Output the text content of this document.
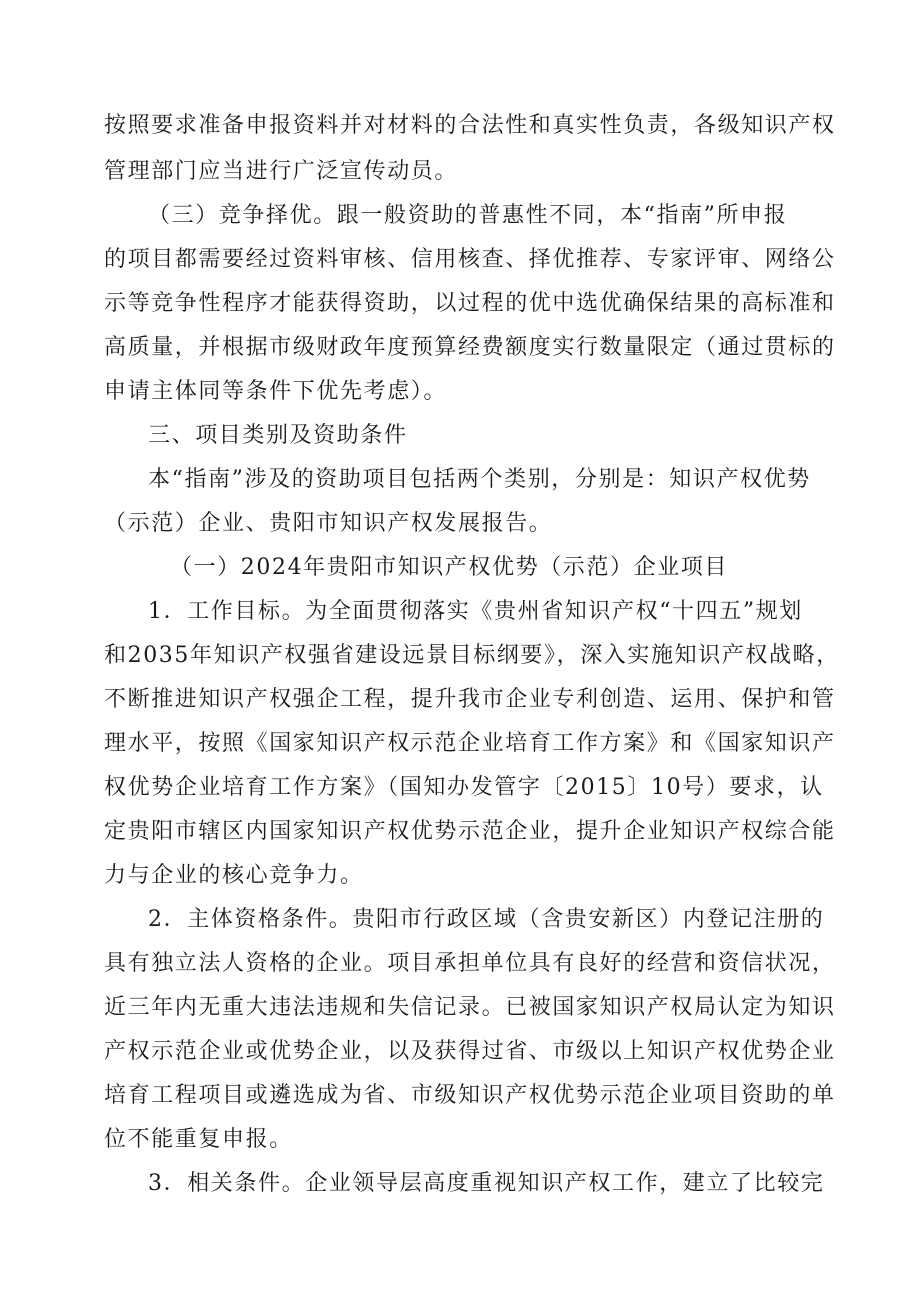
按照要求准备申报资料并对材料的合法性和真实性负责，各级知识产权
管理部门应当进行广泛宣传动员。
（三）竞争择优。跟一般资助的普惠性不同，本“指南”所申报
的项目都需要经过资料审核、信用核查、择优推荐、专家评审、网络公
示等竞争性程序才能获得资助，以过程的优中选优确保结果的高标准和
高质量，并根据市级财政年度预算经费额度实行数量限定（通过贯标的
申请主体同等条件下优先考虑）。
三、项目类别及资助条件
本“指南”涉及的资助项目包括两个类别，分别是：知识产权优势
（示范）企业、贵阳市知识产权发展报告。
（一）2024年贵阳市知识产权优势（示范）企业项目
1．工作目标。为全面贯彻落实《贵州省知识产权“十四五”规划
和2035年知识产权强省建设远景目标纲要》，深入实施知识产权战略，
不断推进知识产权强企工程，提升我市企业专利创造、运用、保护和管
理水平，按照《国家知识产权示范企业培育工作方案》和《国家知识产
权优势企业培育工作方案》（国知办发管字〔2015〕10号）要求，认
定贵阳市辖区内国家知识产权优势示范企业，提升企业知识产权综合能
力与企业的核心竞争力。
2．主体资格条件。贵阳市行政区域（含贵安新区）内登记注册的
具有独立法人资格的企业。项目承担单位具有良好的经营和资信状况，
近三年内无重大违法违规和失信记录。已被国家知识产权局认定为知识
产权示范企业或优势企业，以及获得过省、市级以上知识产权优势企业
培育工程项目或遴选成为省、市级知识产权优势示范企业项目资助的单
位不能重复申报。
3．相关条件。企业领导层高度重视知识产权工作，建立了比较完
